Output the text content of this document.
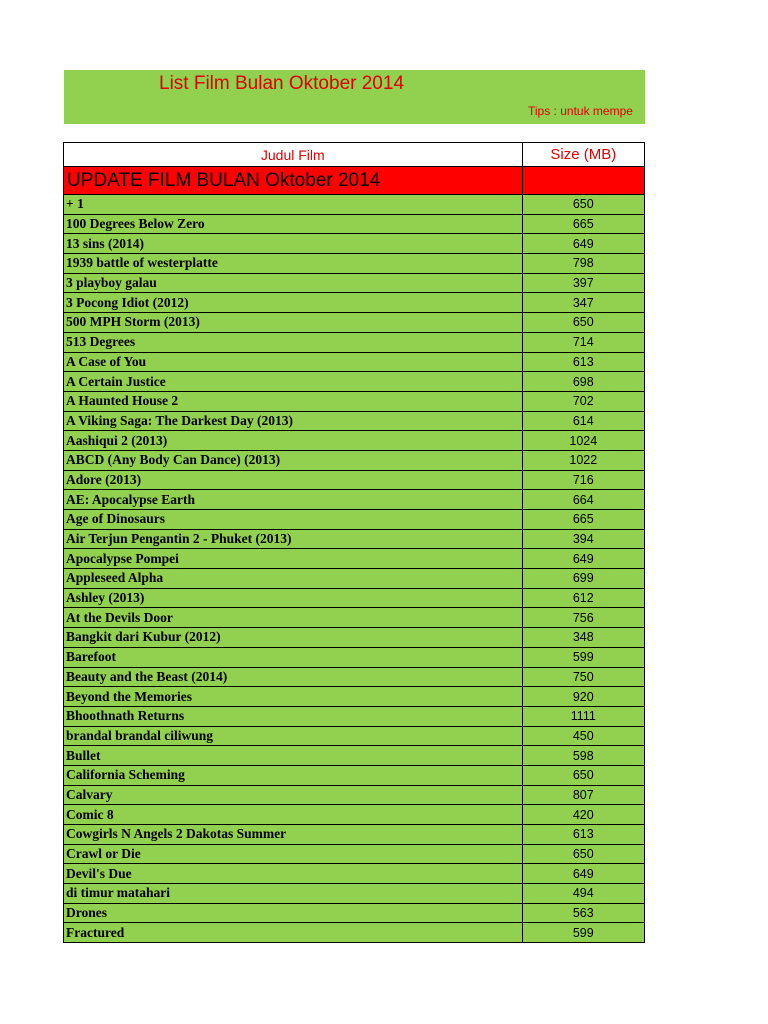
List Film Bulan Oktober 2014
Tips : untuk mempe
Judul Film	Size (MB)
UPDATE FILM BULAN Oktober 2014	
+ 1	650
100 Degrees Below Zero	665
13 sins (2014)	649
1939 battle of westerplatte	798
3 playboy galau	397
3 Pocong Idiot (2012)	347
500 MPH Storm (2013)	650
513 Degrees	714
A Case of You	613
A Certain Justice	698
A Haunted House 2	702
A Viking Saga: The Darkest Day (2013)	614
Aashiqui 2 (2013)	1024
ABCD (Any Body Can Dance) (2013)	1022
Adore (2013)	716
AE: Apocalypse Earth	664
Age of Dinosaurs	665
Air Terjun Pengantin 2 - Phuket (2013)	394
Apocalypse Pompei	649
Appleseed Alpha	699
Ashley (2013)	612
At the Devils Door	756
Bangkit dari Kubur (2012)	348
Barefoot	599
Beauty and the Beast (2014)	750
Beyond the Memories	920
Bhoothnath Returns	1111
brandal brandal ciliwung	450
Bullet	598
California Scheming	650
Calvary	807
Comic 8	420
Cowgirls N Angels 2 Dakotas Summer	613
Crawl or Die	650
Devil's Due	649
di timur matahari	494
Drones	563
Fractured	599
